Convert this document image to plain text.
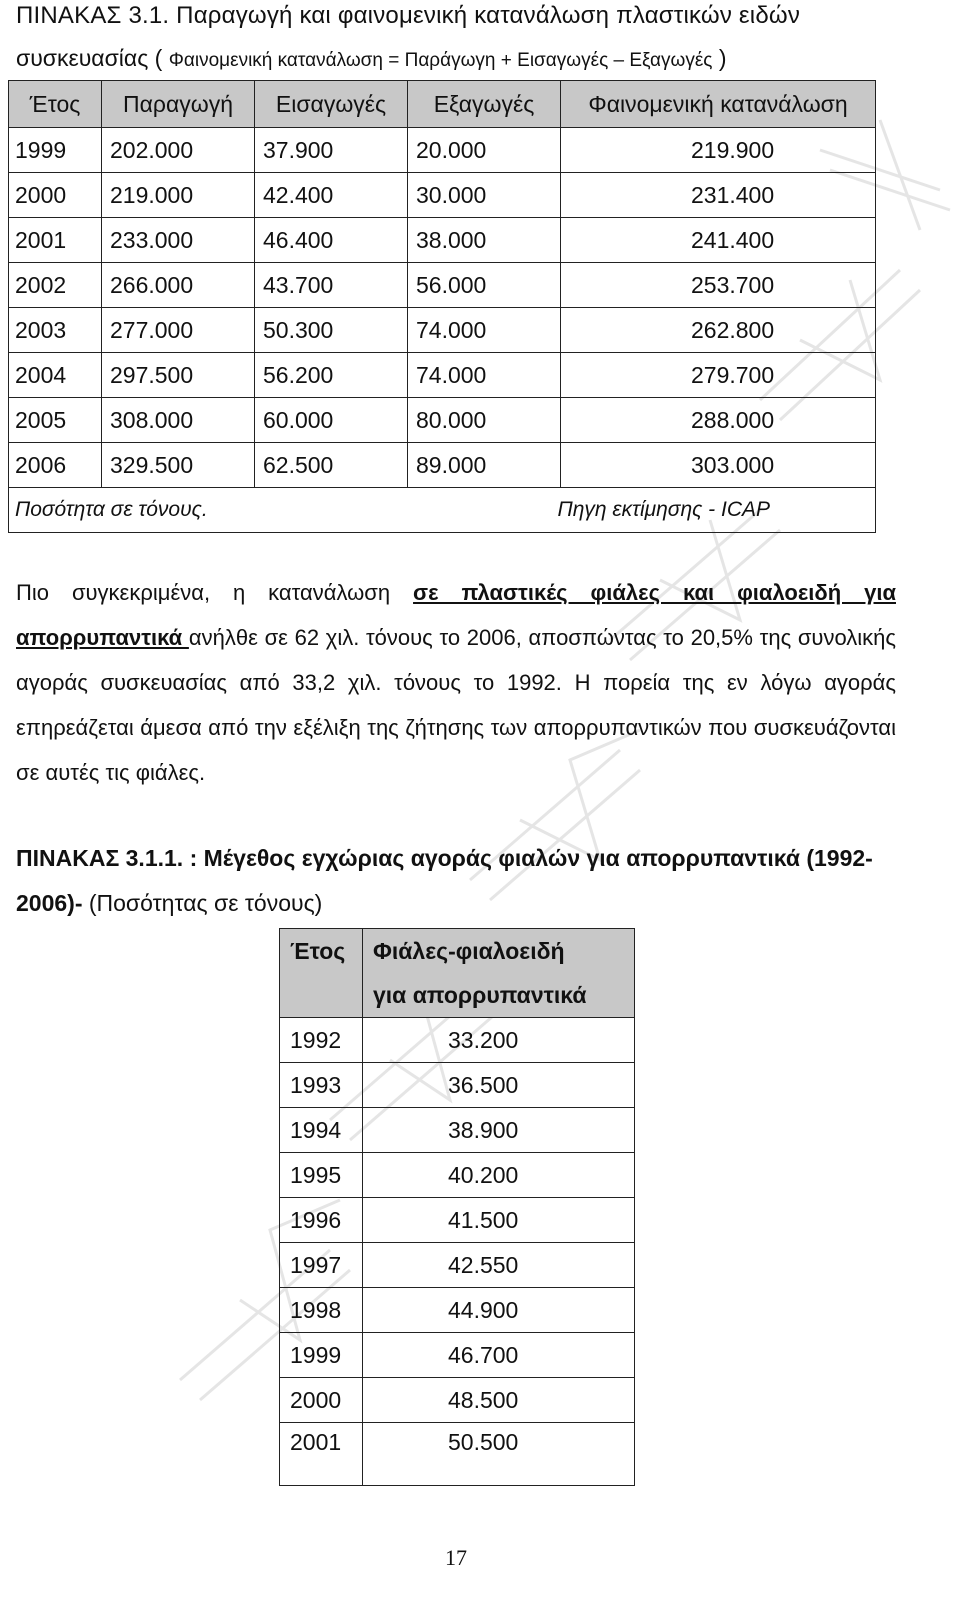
ΠΙΝΑΚΑΣ 3.1. Παραγωγή και φαινομενική κατανάλωση πλαστικών ειδών
συσκευασίας ( Φαινομενική κατανάλωση = Παράγωγη + Εισαγωγές – Εξαγωγές )
Έτος	Παραγωγή	Εισαγωγές	Εξαγωγές	Φαινομενική κατανάλωση
1999	202.000	37.900	20.000	219.900
2000	219.000	42.400	30.000	231.400
2001	233.000	46.400	38.000	241.400
2002	266.000	43.700	56.000	253.700
2003	277.000	50.300	74.000	262.800
2004	297.500	56.200	74.000	279.700
2005	308.000	60.000	80.000	288.000
2006	329.500	62.500	89.000	303.000
Ποσότητα σε τόνους.			Πηγη εκτίμησης - ICAP	
Πιο συγκεκριμένα, η κατανάλωση σε πλαστικές φιάλες και φιαλοειδή για απορρυπαντικά ανήλθε σε 62 χιλ. τόνους το 2006, αποσπώντας το 20,5% της συνολικής αγοράς συσκευασίας από 33,2 χιλ. τόνους το 1992. Η πορεία της εν λόγω αγοράς επηρεάζεται άμεσα από την εξέλιξη της ζήτησης των απορρυπαντικών που συσκευάζονται σε αυτές τις φιάλες.
ΠΙΝΑΚΑΣ 3.1.1. : Μέγεθος εγχώριας αγοράς φιαλών για απορρυπαντικά (1992-2006)- (Ποσότητας σε τόνους)
Έτος	Φιάλες-φιαλοειδή
για απορρυπαντικά

1992	33.200
1993	36.500
1994	38.900
1995	40.200
1996	41.500
1997	42.550
1998	44.900
1999	46.700
2000	48.500
2001	50.500
17
